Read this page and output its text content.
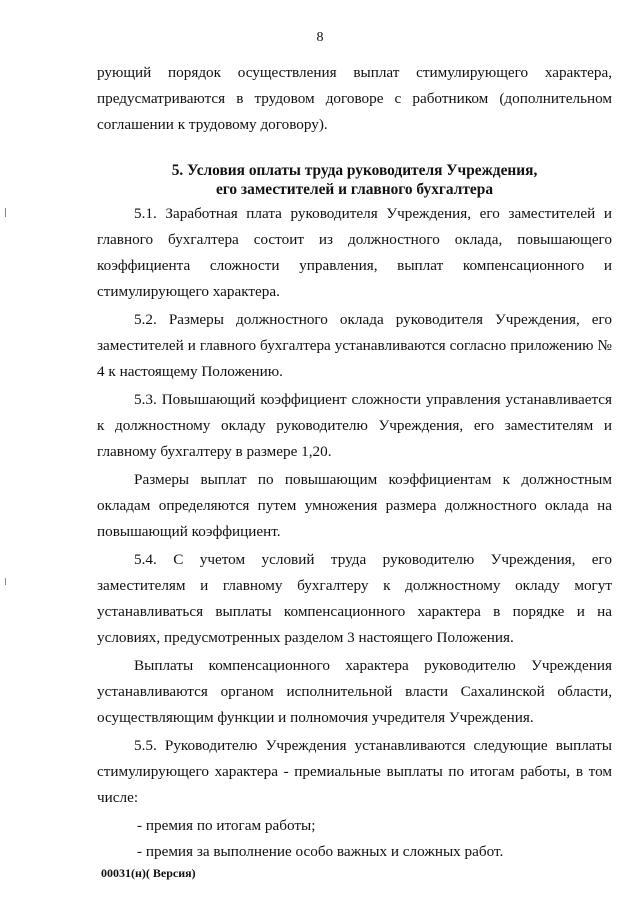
8

рующий порядок осуществления выплат стимулирующего характера, предусматриваются в трудовом договоре с работником (дополнительном соглашении к трудовому договору).

5. Условия оплаты труда руководителя Учреждения,

его заместителей и главного бухгалтера

5.1. Заработная плата руководителя Учреждения, его заместителей и главного бухгалтера состоит из должностного оклада, повышающего коэффициента сложности управления, выплат компенсационного и стимулирующего характера.

5.2. Размеры должностного оклада руководителя Учреждения, его заместителей и главного бухгалтера устанавливаются согласно приложению № 4 к настоящему Положению.

5.3. Повышающий коэффициент сложности управления устанавливается к должностному окладу руководителю Учреждения, его заместителям и главному бухгалтеру в размере 1,20.

Размеры выплат по повышающим коэффициентам к должностным окладам определяются путем умножения размера должностного оклада на повышающий коэффициент.

5.4. С учетом условий труда руководителю Учреждения, его заместителям и главному бухгалтеру к должностному окладу могут устанавливаться выплаты компенсационного характера в порядке и на условиях, предусмотренных разделом 3 настоящего Положения.

Выплаты компенсационного характера руководителю Учреждения устанавливаются органом исполнительной власти Сахалинской области, осуществляющим функции и полномочия учредителя Учреждения.

5.5. Руководителю Учреждения устанавливаются следующие выплаты стимулирующего характера - премиальные выплаты по итогам работы, в том числе:

- премия по итогам работы;

- премия за выполнение особо важных и сложных работ.

00031(н)( Версия)
